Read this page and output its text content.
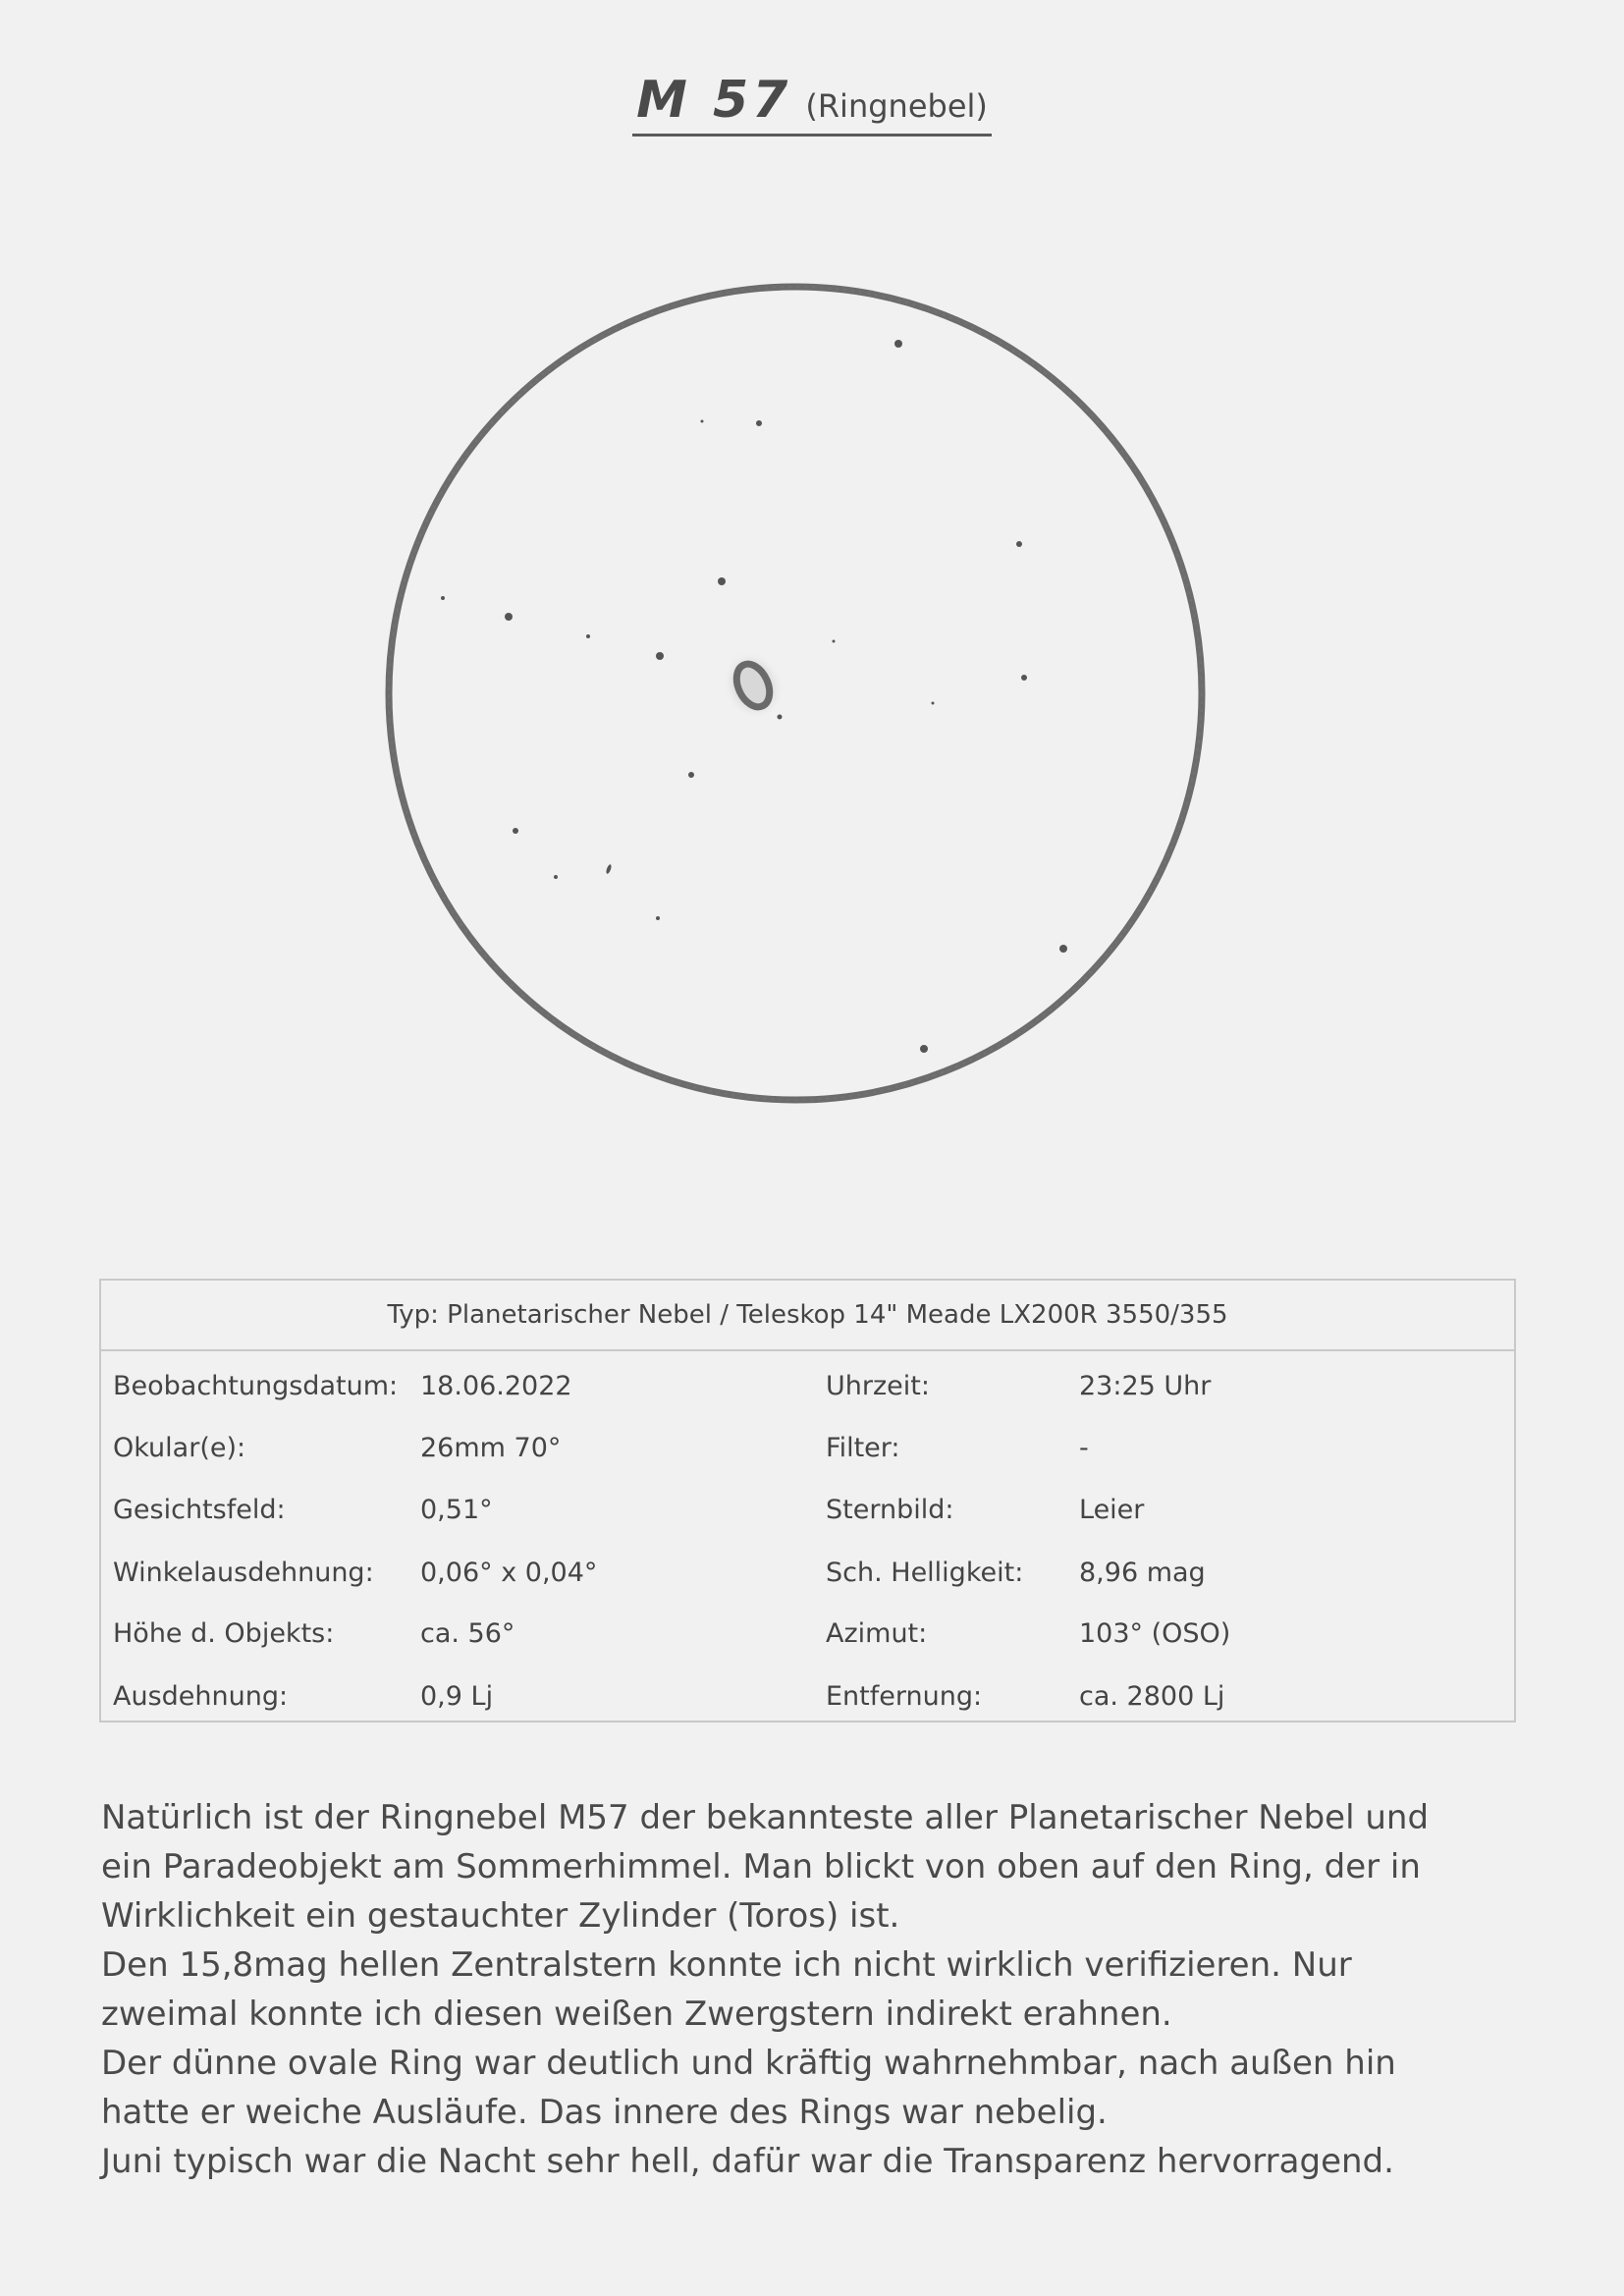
M 57 (Ringnebel)
Typ: Planetarischer Nebel / Teleskop 14" Meade LX200R 3550/355
Beobachtungsdatum: 18.06.2022	Uhrzeit:	23:25 Uhr
Okular(e):	26mm 70°	Filter:	-
Gesichtsfeld:	0,51°	Sternbild:	Leier
Winkelausdehnung: 0,06° x 0,04°	Sch. Helligkeit: 8,96 mag
Höhe d. Objekts:	ca. 56°	Azimut:	103° (OSO)
Ausdehnung:	0,9 Lj	Entfernung:	ca. 2800 Lj

Natürlich ist der Ringnebel M57 der bekannteste aller Planetarischer Nebel und

ein Paradeobjekt am Sommerhimmel. Man blickt von oben auf den Ring, der in

Wirklichkeit ein gestauchter Zylinder (Toros) ist.

Den 15,8mag hellen Zentralstern konnte ich nicht wirklich verifizieren. Nur

zweimal konnte ich diesen weißen Zwergstern indirekt erahnen.

Der dünne ovale Ring war deutlich und kräftig wahrnehmbar, nach außen hin

hatte er weiche Ausläufe. Das innere des Rings war nebelig.

Juni typisch war die Nacht sehr hell, dafür war die Transparenz hervorragend.
